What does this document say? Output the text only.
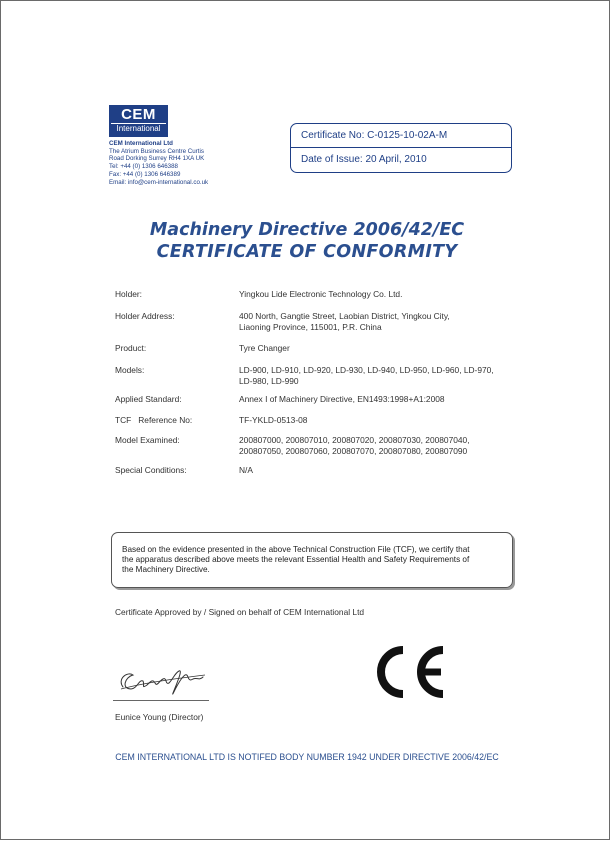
CEM
International
CEM International Ltd
The Atrium Business Centre Curtis
Road Dorking Surrey RH4 1XA UK
Tel: +44 (0) 1306 646388
Fax: +44 (0) 1306 646389
Email: info@cem-international.co.uk
Certificate No: C-0125-10-02A-M
Date of Issue: 20 April, 2010
Machinery Directive 2006/42/EC
CERTIFICATE OF CONFORMITY
Holder:	Yingkou Lide Electronic Technology Co. Ltd.
Holder Address:	400 North, Gangtie Street, Laobian District, Yingkou City,
Liaoning Province, 115001, P.R. China
Product:	Tyre Changer
Models:	LD-900, LD-910, LD-920, LD-930, LD-940, LD-950, LD-960, LD-970,
LD-980, LD-990
Applied Standard:	Annex I of Machinery Directive, EN1493:1998+A1:2008
TCF   Reference No:	TF-YKLD-0513-08
Model Examined:	200807000, 200807010, 200807020, 200807030, 200807040,
200807050, 200807060, 200807070, 200807080, 200807090
Special Conditions:	N/A
Based on the evidence presented in the above Technical Construction File (TCF), we certify that
the apparatus described above meets the relevant Essential Health and Safety Requirements of
the Machinery Directive.
Certificate Approved by / Signed on behalf of CEM International Ltd
Eunice Young (Director)
CEM INTERNATIONAL LTD IS NOTIFED BODY NUMBER 1942 UNDER DIRECTIVE 2006/42/EC
